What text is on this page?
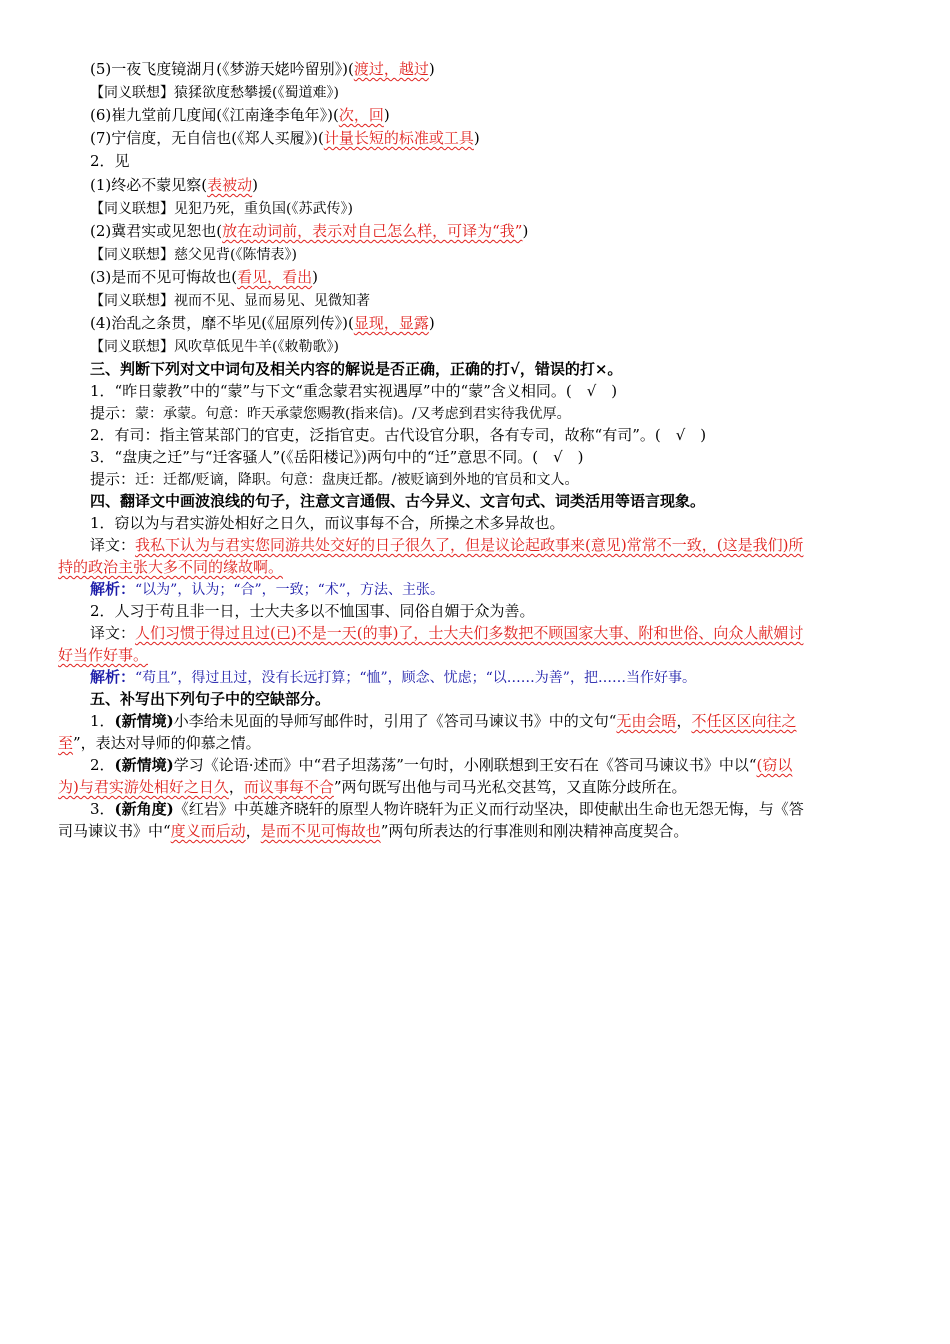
(5)一夜飞度镜湖月(《梦游天姥吟留别》)(渡过，越过)
【同义联想】猿猱欲度愁攀援(《蜀道难》)
(6)崔九堂前几度闻(《江南逢李龟年》)(次，回)
(7)宁信度，无自信也(《郑人买履》)(计量长短的标准或工具)
2．见
(1)终必不蒙见察(表被动)
【同义联想】见犯乃死，重负国(《苏武传》)
(2)冀君实或见恕也(放在动词前，表示对自己怎么样，可译为“我”)
【同义联想】慈父见背(《陈情表》)
(3)是而不见可悔故也(看见，看出)
【同义联想】视而不见、显而易见、见微知著
(4)治乱之条贯，靡不毕见(《屈原列传》)(显现，显露)
【同义联想】风吹草低见牛羊(《敕勒歌》)
三、判断下列对文中词句及相关内容的解说是否正确，正确的打√，错误的打×。
1．“昨日蒙教”中的“蒙”与下文“重念蒙君实视遇厚”中的“蒙”含义相同。(　√　)
提示：蒙：承蒙。句意：昨天承蒙您赐教(指来信)。/又考虑到君实待我优厚。
2．有司：指主管某部门的官吏，泛指官吏。古代设官分职，各有专司，故称“有司”。(　√　)
3．“盘庚之迁”与“迁客骚人”(《岳阳楼记》)两句中的“迁”意思不同。(　√　)
提示：迁：迁都/贬谪，降职。句意：盘庚迁都。/被贬谪到外地的官员和文人。
四、翻译文中画波浪线的句子，注意文言通假、古今异义、文言句式、词类活用等语言现象。
1．窃以为与君实游处相好之日久，而议事每不合，所操之术多异故也。
译文：我私下认为与君实您同游共处交好的日子很久了，但是议论起政事来(意见)常常不一致，(这是我们)所
持的政治主张大多不同的缘故啊。
解析：“以为”，认为；“合”，一致；“术”，方法、主张。
2．人习于苟且非一日，士大夫多以不恤国事、同俗自媚于众为善。
译文：人们习惯于得过且过(已)不是一天(的事)了，士大夫们多数把不顾国家大事、附和世俗、向众人献媚讨
好当作好事。
解析：“苟且”，得过且过，没有长远打算；“恤”，顾念、忧虑；“以……为善”，把……当作好事。
五、补写出下列句子中的空缺部分。
1．(新情境)小李给未见面的导师写邮件时，引用了《答司马谏议书》中的文句“无由会晤，不任区区向往之
至”，表达对导师的仰慕之情。
2．(新情境)学习《论语·述而》中“君子坦荡荡”一句时，小刚联想到王安石在《答司马谏议书》中以“(窃以
为)与君实游处相好之日久，而议事每不合”两句既写出他与司马光私交甚笃，又直陈分歧所在。
3．(新角度)《红岩》中英雄齐晓轩的原型人物许晓轩为正义而行动坚决，即使献出生命也无怨无悔，与《答
司马谏议书》中“度义而后动，是而不见可悔故也”两句所表达的行事准则和刚决精神高度契合。
